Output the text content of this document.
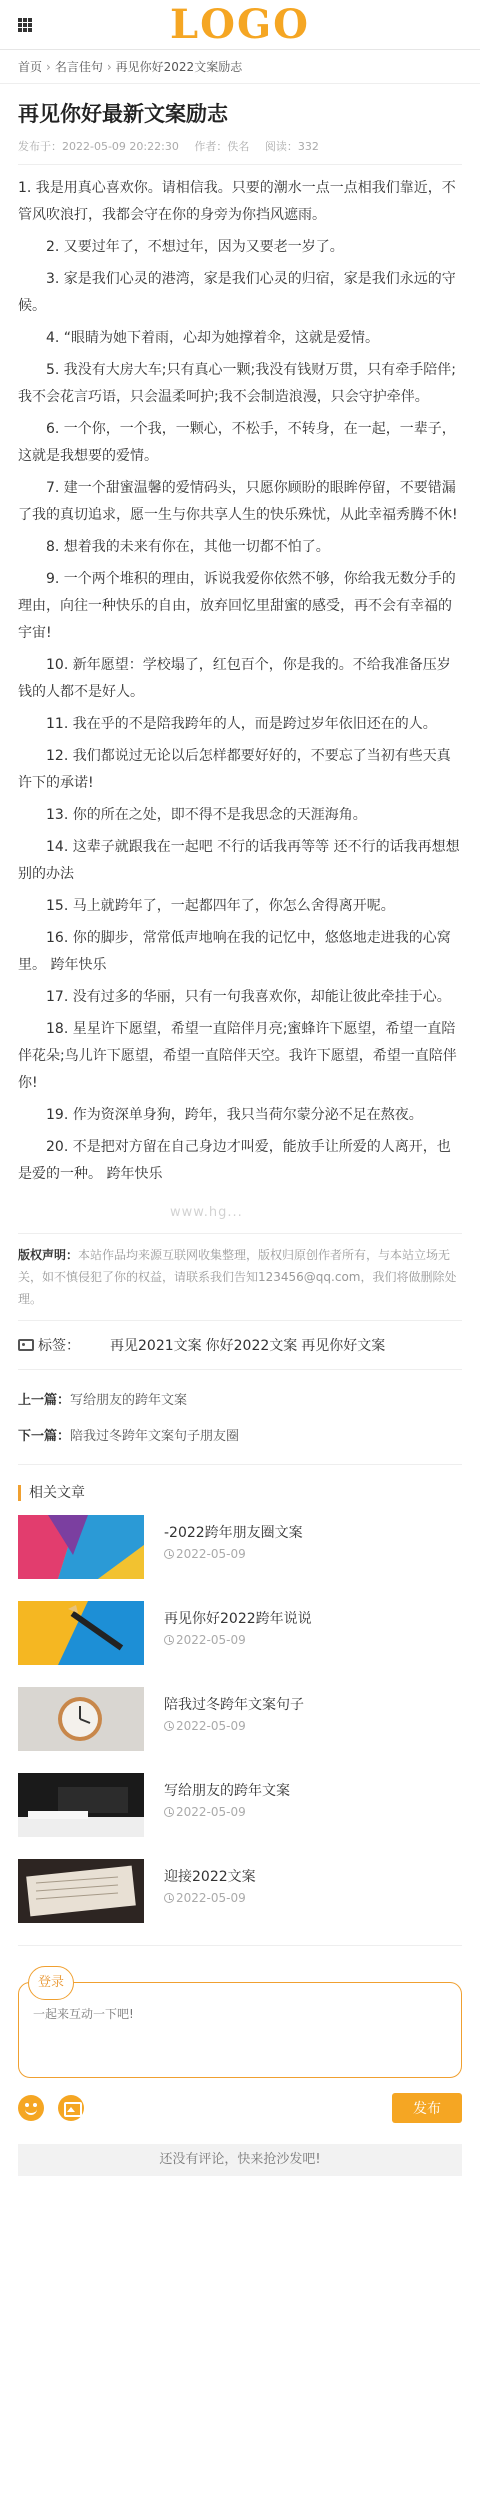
LOGO
首页 › 名言佳句 › 再见你好2022文案励志
再见你好最新文案励志
发布于：2022-05-09 20:22:30 作者：佚名 阅读：332

1. 我是用真心喜欢你。请相信我。只要的潮水一点一点相我们靠近，不管风吹浪打，我都会守在你的身旁为你挡风遮雨。

2. 又要过年了，不想过年，因为又要老一岁了。

3. 家是我们心灵的港湾，家是我们心灵的归宿，家是我们永远的守候。

4. “眼睛为她下着雨，心却为她撑着伞，这就是爱情。

5. 我没有大房大车;只有真心一颗;我没有钱财万贯，只有牵手陪伴;我不会花言巧语，只会温柔呵护;我不会制造浪漫，只会守护牵伴。

6. 一个你，一个我，一颗心，不松手，不转身，在一起，一辈子，这就是我想要的爱情。

7. 建一个甜蜜温馨的爱情码头，只愿你顾盼的眼眸停留，不要错漏了我的真切追求，愿一生与你共享人生的快乐殊忧，从此幸福秀腾不休!

8. 想着我的未来有你在，其他一切都不怕了。

9. 一个两个堆积的理由，诉说我爱你依然不够，你给我无数分手的理由，向往一种快乐的自由，放弃回忆里甜蜜的感受，再不会有幸福的宇宙!

10. 新年愿望：学校塌了，红包百个，你是我的。不给我准备压岁钱的人都不是好人。

11. 我在乎的不是陪我跨年的人，而是跨过岁年依旧还在的人。

12. 我们都说过无论以后怎样都要好好的，不要忘了当初有些天真许下的承诺!

13. 你的所在之处，即不得不是我思念的天涯海角。

14. 这辈子就跟我在一起吧 不行的话我再等等 还不行的话我再想想别的办法

15. 马上就跨年了，一起都四年了，你怎么舍得离开呢。

16. 你的脚步，常常低声地响在我的记忆中，悠悠地走进我的心窝里。 跨年快乐

17. 没有过多的华丽，只有一句我喜欢你，却能让彼此牵挂于心。

18. 星星许下愿望，希望一直陪伴月亮;蜜蜂许下愿望，希望一直陪伴花朵;鸟儿许下愿望，希望一直陪伴天空。我许下愿望，希望一直陪伴你!

19. 作为资深单身狗，跨年，我只当荷尔蒙分泌不足在熬夜。

20. 不是把对方留在自己身边才叫爱，能放手让所爱的人离开，也是爱的一种。 跨年快乐

www.hg...
版权声明：本站作品均来源互联网收集整理，版权归原创作者所有，与本站立场无关，如不慎侵犯了你的权益，请联系我们告知123456@qq.com，我们将做删除处理。
标签： 再见2021文案 你好2022文案 再见你好文案
上一篇：写给朋友的跨年文案
下一篇：陪我过冬跨年文案句子朋友圈
相关文章
-2022跨年朋友圈文案
2022-05-09
再见你好2022跨年说说
2022-05-09
陪我过冬跨年文案句子
2022-05-09
写给朋友的跨年文案
2022-05-09
迎接2022文案
2022-05-09
登录
一起来互动一下吧!
发布
还没有评论，快来抢沙发吧!
